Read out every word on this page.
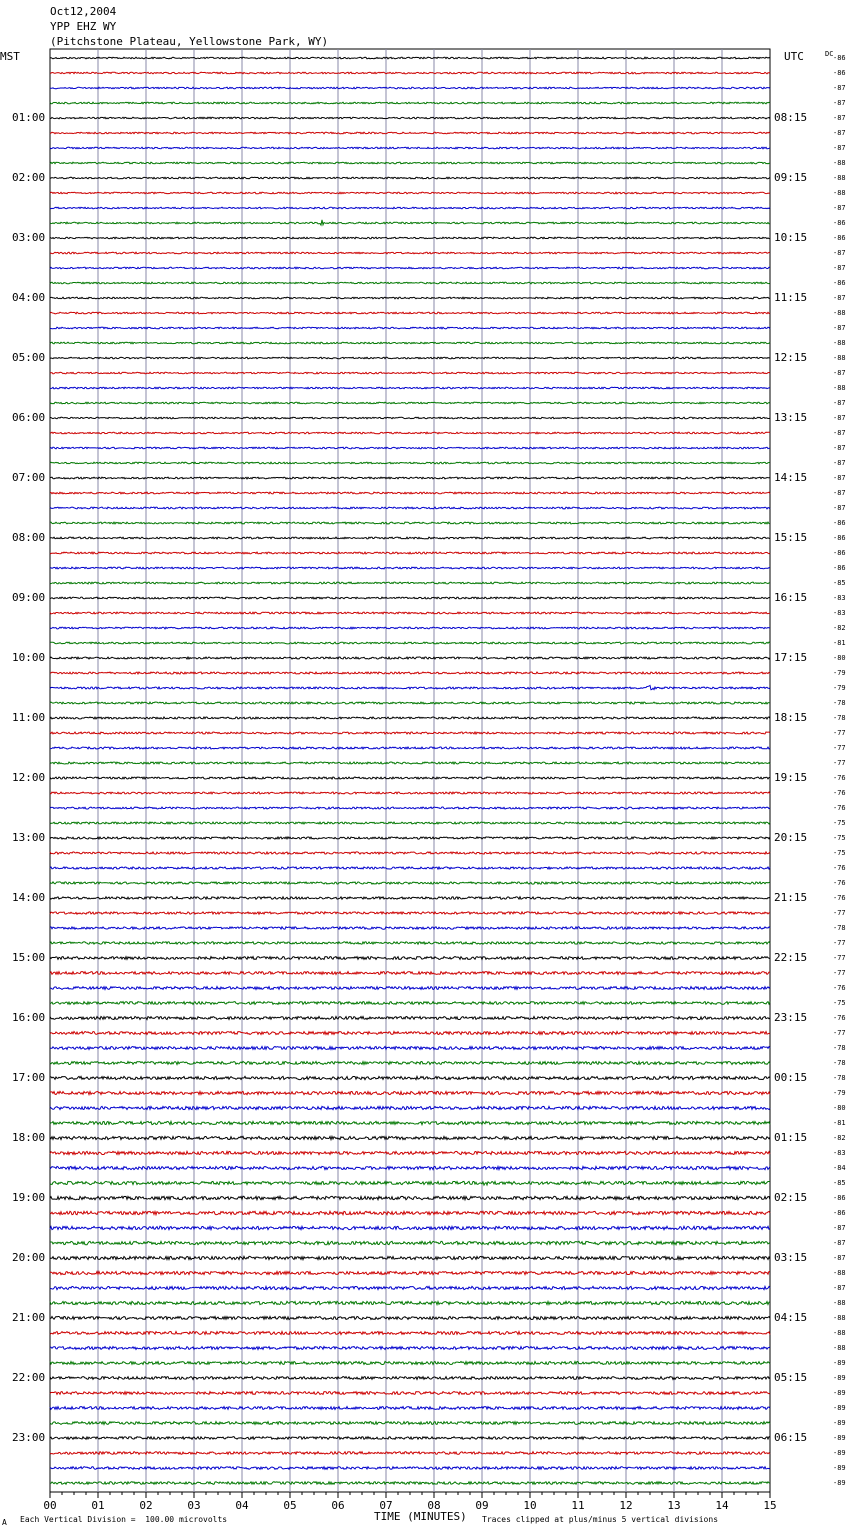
Oct12,2004
YPP EHZ WY
(Pitchstone Plateau, Yellowstone Park, WY)
MST	UTC	DC
00	01	02	03	04	05	06	07	08	09	10	11	12	13	14	15
01:00
02:00
03:00
04:00
05:00
06:00
07:00
08:00
09:00
10:00
11:00
12:00
13:00
14:00
15:00
16:00
17:00
18:00
19:00
20:00
21:00
22:00
23:00
08:15
09:15
10:15
11:15
12:15
13:15
14:15
15:15
16:15
17:15
18:15
19:15
20:15
21:15
22:15
23:15
00:15
01:15
02:15
03:15
04:15
05:15
06:15
-86
-86
-87
-87
-87
-87
-87
-88
-88
-88
-87
-86
-86
-87
-87
-86
-87
-88
-87
-88
-88
-87
-88
-87
-87
-87
-87
-87
-87
-87
-87
-86
-86
-86
-86
-85
-83
-83
-82
-81
-80
-79
-79
-78
-78
-77
-77
-77
-76
-76
-76
-75
-75
-75
-76
-76
-76
-77
-78
-77
-77
-77
-76
-75
-76
-77
-78
-78
-78
-79
-80
-81
-82
-83
-84
-85
-86
-86
-87
-87
-87
-88
-87
-88
-88
-88
-88
-89
-89
-89
-89
-89
-89
-89
-89
-89
TIME (MINUTES)
A Each Vertical Division =  100.00 microvolts	Traces clipped at plus/minus 5 vertical divisions
